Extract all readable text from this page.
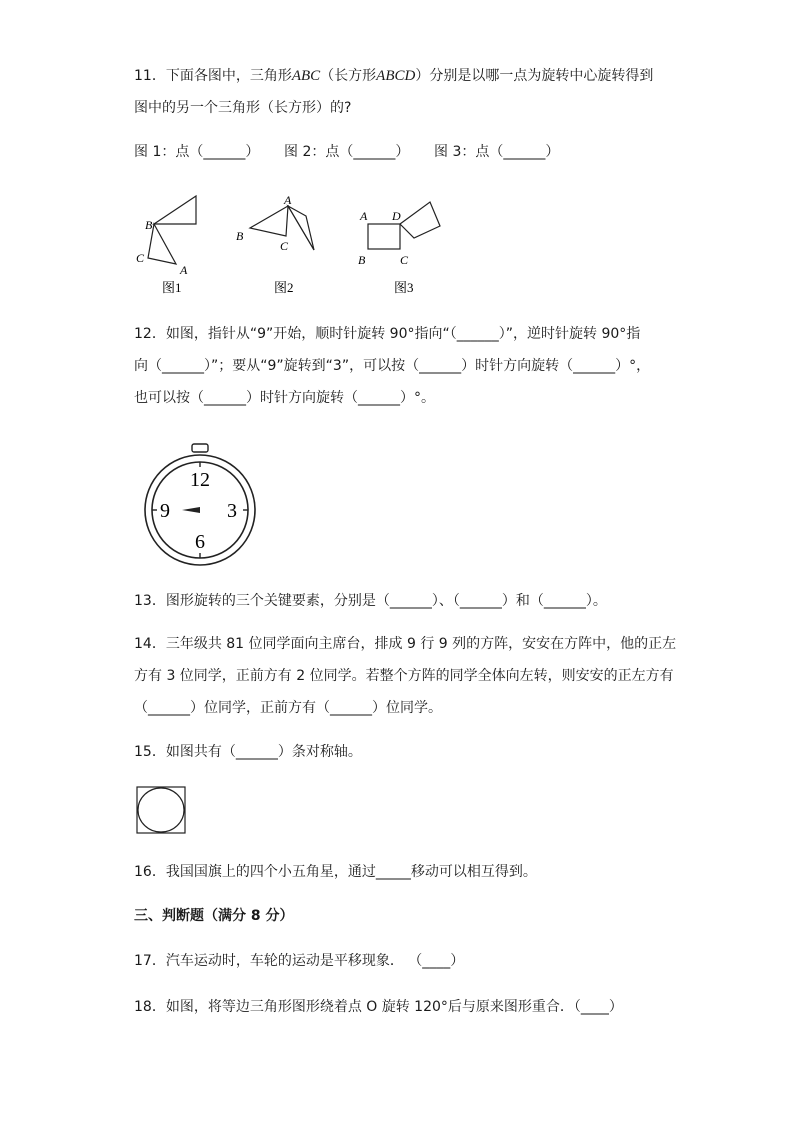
11．下面各图中，三角形ABC（长方形ABCD）分别是以哪一点为旋转中心旋转得到
图中的另一个三角形（长方形）的?
图 1：点（______） 图 2：点（______） 图 3：点（______）
B
C
A
图1
A
B
C
图2
A D
B	C
图3
12．如图，指针从“9”开始，顺时针旋转 90°指向“（______）”，逆时针旋转 90°指
向（______）”；要从“9”旋转到“3”，可以按（______）时针方向旋转（______）°，
也可以按（______）时针方向旋转（______）°。
12
9	3
6
13．图形旋转的三个关键要素，分别是（______）、（______）和（______）。
14．三年级共 81 位同学面向主席台，排成 9 行 9 列的方阵，安安在方阵中，他的正左
方有 3 位同学，正前方有 2 位同学。若整个方阵的同学全体向左转，则安安的正左方有
（______）位同学，正前方有（______）位同学。
15．如图共有（______）条对称轴。
16．我国国旗上的四个小五角星，通过_____移动可以相互得到。
三、判断题（满分 8 分）
17．汽车运动时，车轮的运动是平移现象． （____）
18．如图，将等边三角形图形绕着点 O 旋转 120°后与原来图形重合．（____）
